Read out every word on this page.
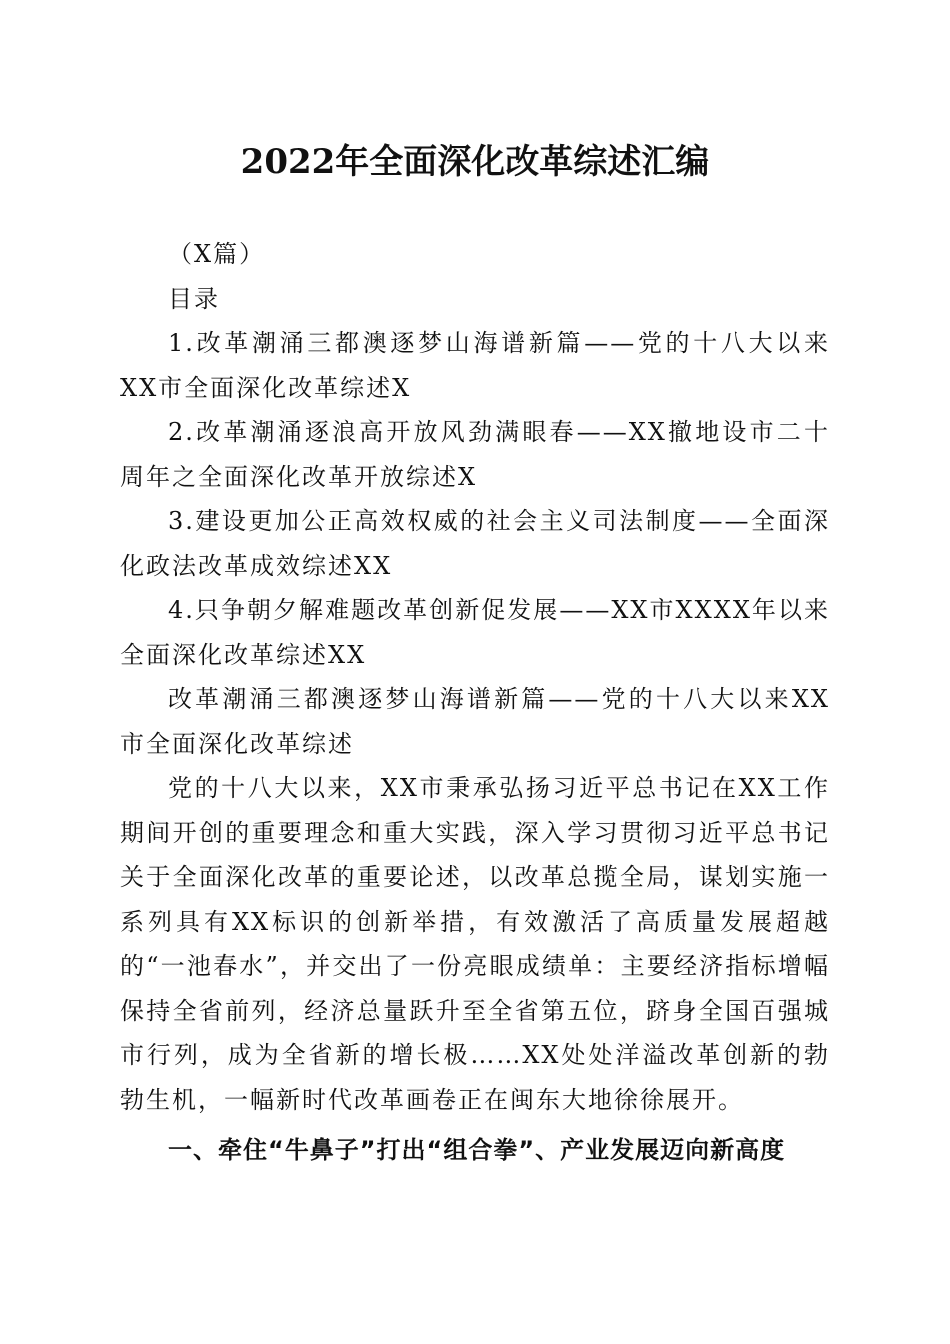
2022年全面深化改革综述汇编

（X篇）

目录

1.改革潮涌三都澳逐梦山海谱新篇——党的十八大以来XX市全面深化改革综述X

2.改革潮涌逐浪高开放风劲满眼春——XX撤地设市二十周年之全面深化改革开放综述X

3.建设更加公正高效权威的社会主义司法制度——全面深化政法改革成效综述XX

4.只争朝夕解难题改革创新促发展——XX市XXXX年以来全面深化改革综述XX

改革潮涌三都澳逐梦山海谱新篇——党的十八大以来XX市全面深化改革综述

党的十八大以来，XX市秉承弘扬习近平总书记在XX工作期间开创的重要理念和重大实践，深入学习贯彻习近平总书记关于全面深化改革的重要论述，以改革总揽全局，谋划实施一系列具有XX标识的创新举措，有效激活了高质量发展超越的“一池春水”，并交出了一份亮眼成绩单：主要经济指标增幅保持全省前列，经济总量跃升至全省第五位，跻身全国百强城市行列，成为全省新的增长极……XX处处洋溢改革创新的勃勃生机，一幅新时代改革画卷正在闽东大地徐徐展开。

一、牵住“牛鼻子”打出“组合拳”、产业发展迈向新高度
